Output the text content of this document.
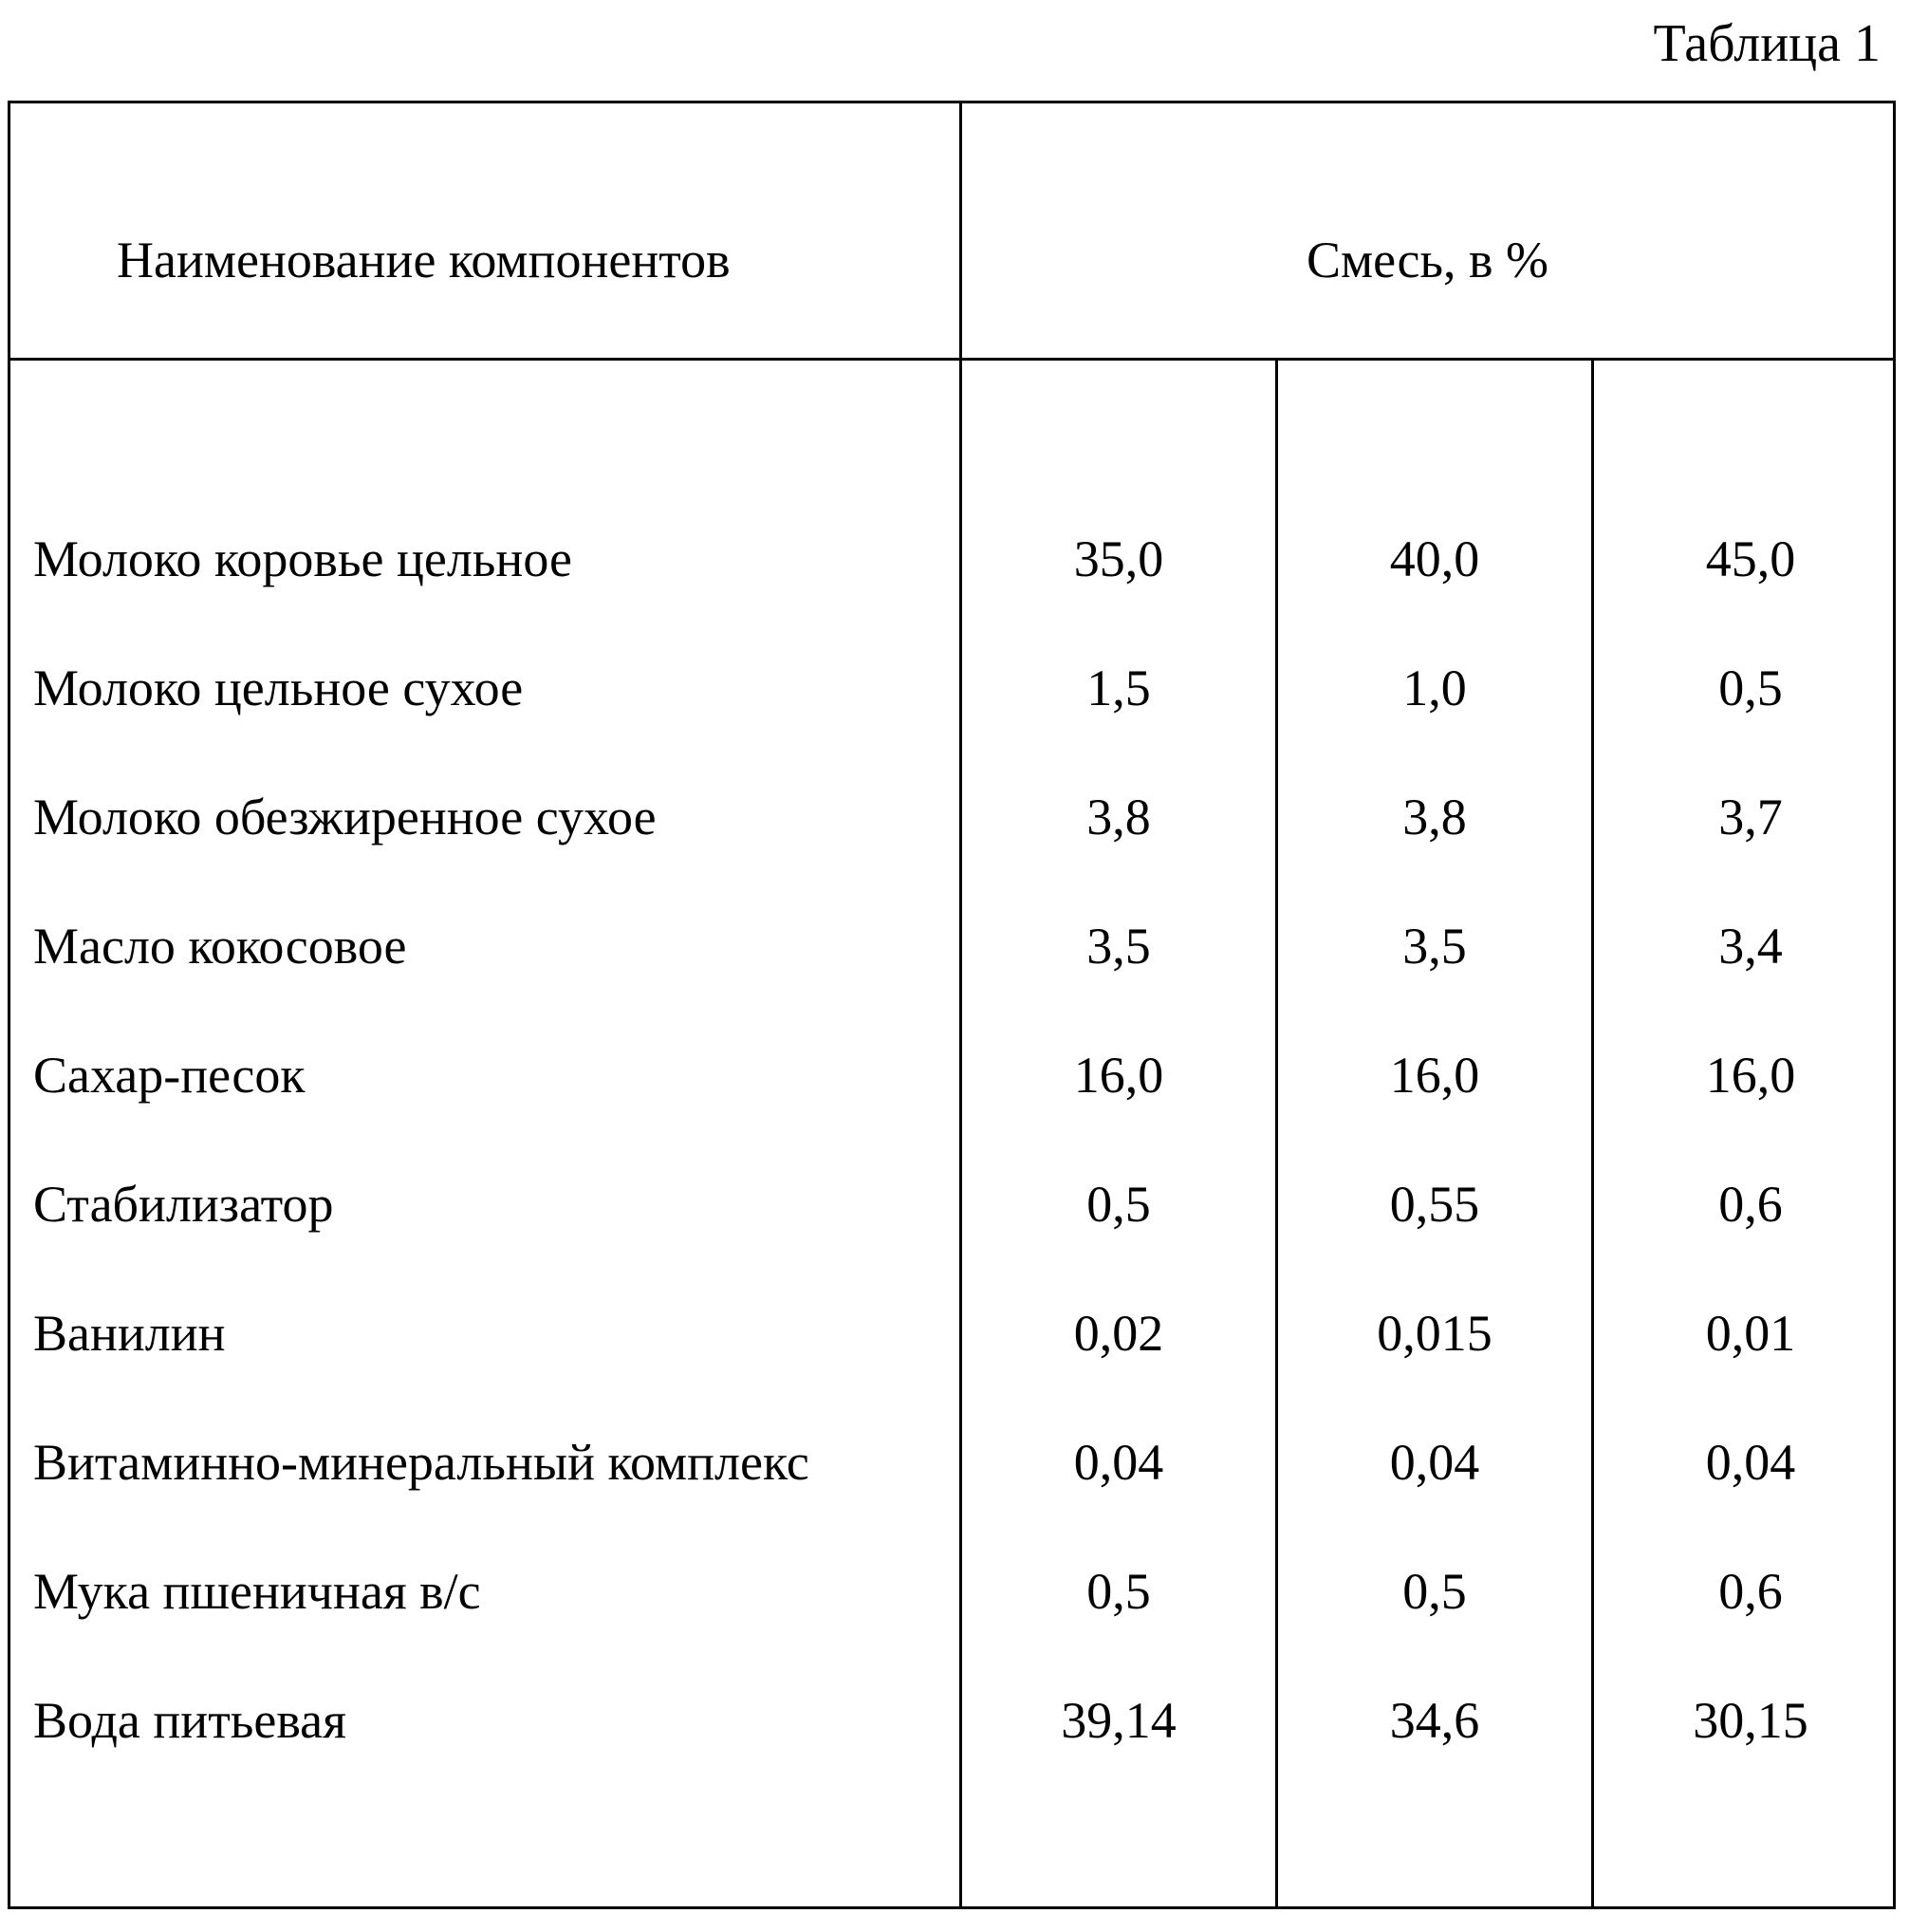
Таблица 1
Наименование компонентов	Смесь, в %
Молоко коровье цельное	35,0	40,0	45,0
Молоко цельное сухое	1,5	1,0	0,5
Молоко обезжиренное сухое	3,8	3,8	3,7
Масло кокосовое	3,5	3,5	3,4
Сахар-песок	16,0	16,0	16,0
Стабилизатор	0,5	0,55	0,6
Ванилин	0,02	0,015	0,01
Витаминно-минеральный комплекс	0,04	0,04	0,04
Мука пшеничная в/с	0,5	0,5	0,6
Вода питьевая	39,14	34,6	30,15
